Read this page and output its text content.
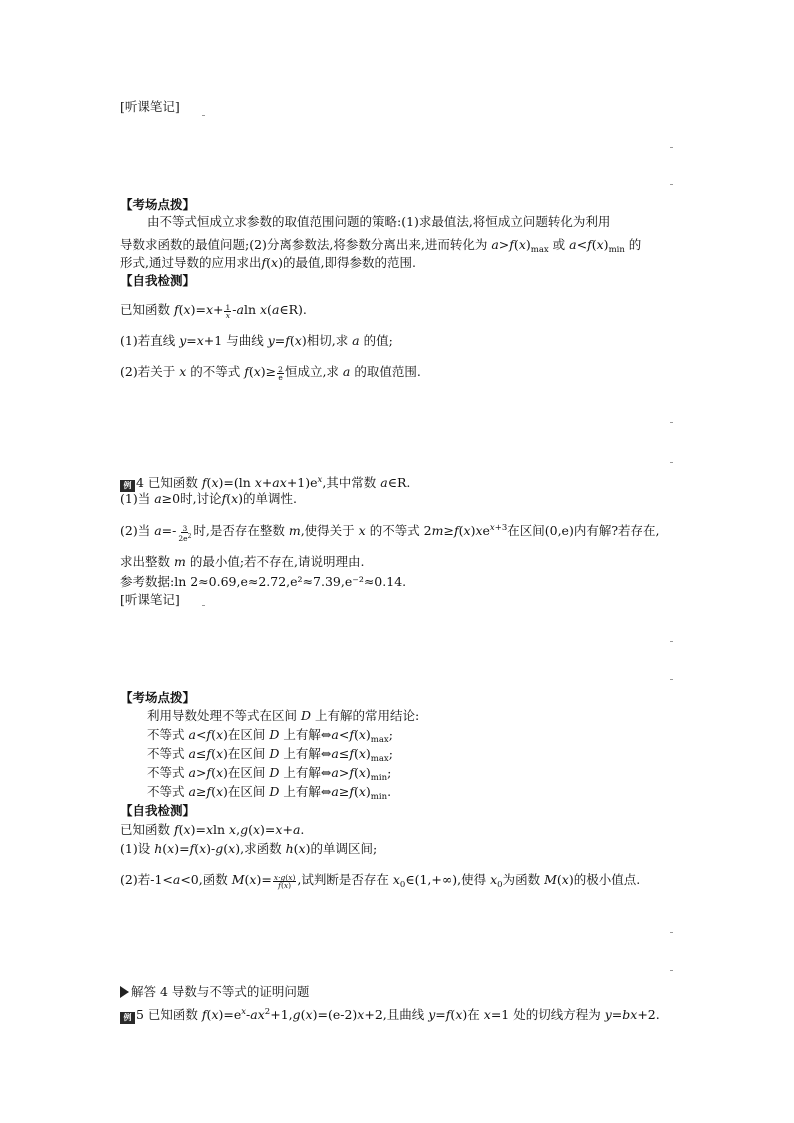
[听课笔记]
【考场点拨】
由不等式恒成立求参数的取值范围问题的策略:(1)求最值法,将恒成立问题转化为利用
导数求函数的最值问题;(2)分离参数法,将参数分离出来,进而转化为 $a>f(x)_{max}$ 或 $a<f(x)_{min}$ 的
形式,通过导数的应用求出f(x)的最值,即得参数的范围.
【自我检测】
已知函数 $f(x)=x+ \frac{1}{x} -aln$ x(a∈R).
(1)若直线 y=x+1 与曲线 y=f(x)相切,求 a 的值;
(2)若关于 x 的不等式 $f(x)\ge \frac{2}{e}$ 恒成立,求 a 的取值范围.
例 4 已知函数 f(x)=(ln $x+ax+1)e^x$,其中常数 a∈R.
(1)当 a≥0时,讨论f(x)的单调性.
(2)当 $a=- \frac{3}{2e^2}$ 时,是否存在整数 m,使得关于 x 的不等式 $2m\ge f(x)xe^{x+3}$在区间(0,e)内有解?若存在,
求出整数 m 的最小值;若不存在,请说明理由.
参考数据:ln 2≈0.69,e≈2.72,e²≈7.39,e⁻²≈0.14.
[听课笔记]
【考场点拨】
利用导数处理不等式在区间 D 上有解的常用结论:
不等式 a<f(x)在区间 D 上有解$\Leftrightarrow a<f(x)_{max}$;
不等式 a≤f(x)在区间 D 上有解$\Leftrightarrow a\le f(x)_{max}$;
不等式 a>f(x)在区间 D 上有解$\Leftrightarrow a>f(x)_{min}$;
不等式 a≥f(x)在区间 D 上有解$\Leftrightarrow a\ge f(x)_{min}$.
【自我检测】
已知函数 f(x)=xln x,g(x)=x+a.
(1)设 h(x)=f(x)-g(x),求函数 h(x)的单调区间;
(2)若-1<a<0,函数 $M(x)= \frac{x\cdot g(x)}{f(x)}$ ,试判断是否存在 $x_0\in(1,+\infty)$,使得 $x_0$为函数 M(x)的极小值点.
解答 4 导数与不等式的证明问题
例 5 已知函数 $f(x)=e^x-ax^2+1,g(x)=(e-2)x+2$,且曲线 y=f(x)在 x=1 处的切线方程为 y=bx+2.
